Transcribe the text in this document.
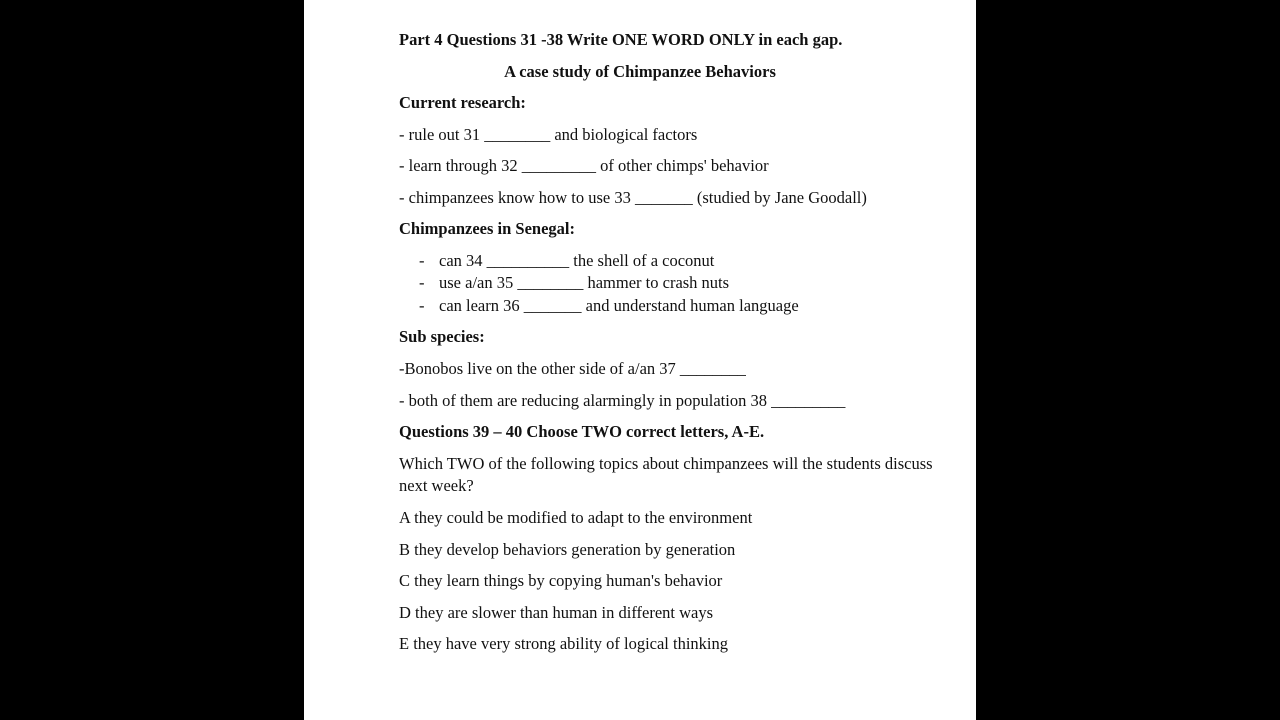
Part 4 Questions 31 -38 Write ONE WORD ONLY in each gap.
A case study of Chimpanzee Behaviors
Current research:
- rule out 31 ________ and biological factors
- learn through 32 _________ of other chimps' behavior
- chimpanzees know how to use 33 _______ (studied by Jane Goodall)
Chimpanzees in Senegal:
- can 34 __________ the shell of a coconut
- use a/an 35 ________ hammer to crash nuts
- can learn 36 _______ and understand human language
Sub species:
-Bonobos live on the other side of a/an 37 ________
- both of them are reducing alarmingly in population 38 _________
Questions 39 – 40 Choose TWO correct letters, A-E.
Which TWO of the following topics about chimpanzees will the students discuss next week?
A they could be modified to adapt to the environment
B they develop behaviors generation by generation
C they learn things by copying human's behavior
D they are slower than human in different ways
E they have very strong ability of logical thinking
